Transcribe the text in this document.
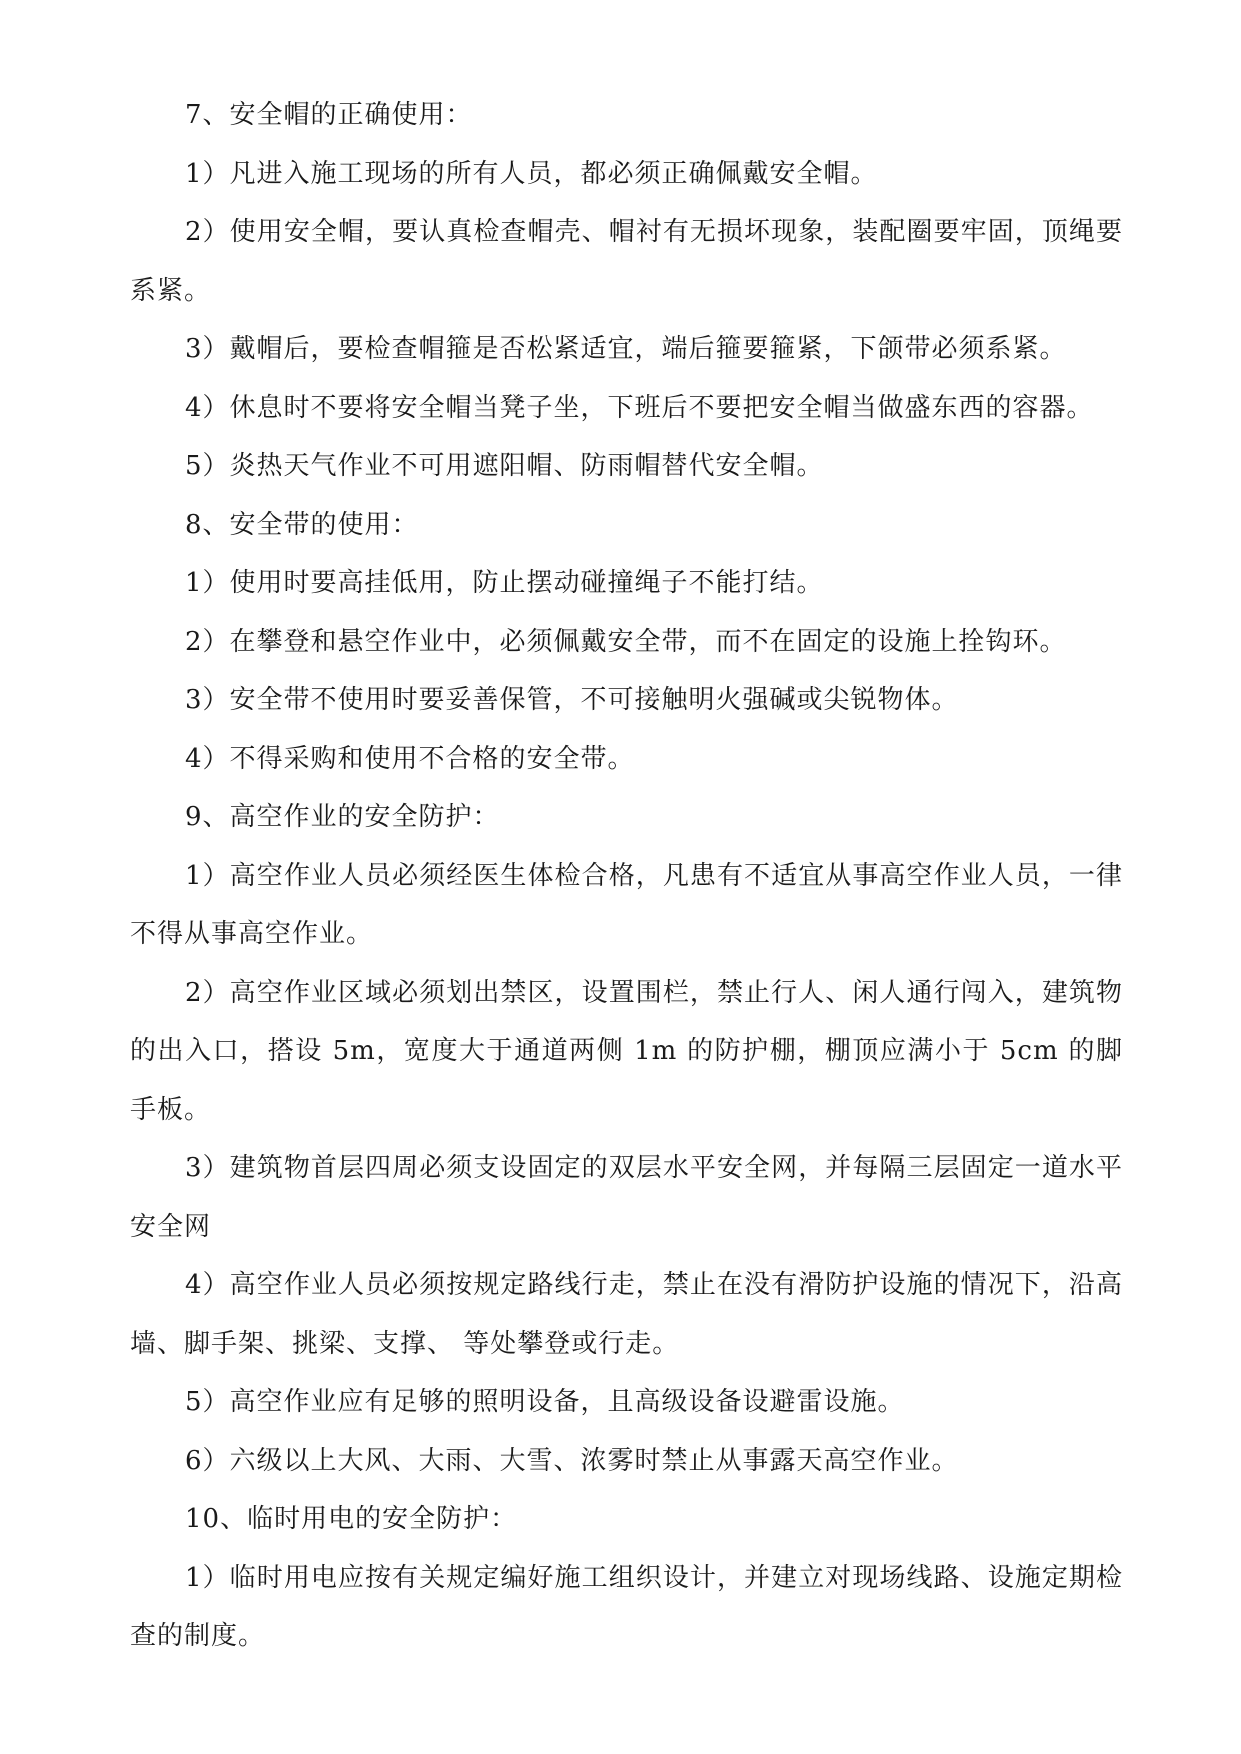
7、安全帽的正确使用：

1）凡进入施工现场的所有人员，都必须正确佩戴安全帽。

2）使用安全帽，要认真检查帽壳、帽衬有无损坏现象，装配圈要牢固，顶绳要系紧。

3）戴帽后，要检查帽箍是否松紧适宜，端后箍要箍紧，下颌带必须系紧。

4）休息时不要将安全帽当凳子坐，下班后不要把安全帽当做盛东西的容器。

5）炎热天气作业不可用遮阳帽、防雨帽替代安全帽。

8、安全带的使用：

1）使用时要高挂低用，防止摆动碰撞绳子不能打结。

2）在攀登和悬空作业中，必须佩戴安全带，而不在固定的设施上拴钩环。

3）安全带不使用时要妥善保管，不可接触明火强碱或尖锐物体。

4）不得采购和使用不合格的安全带。

9、高空作业的安全防护：

1）高空作业人员必须经医生体检合格，凡患有不适宜从事高空作业人员，一律不得从事高空作业。

2）高空作业区域必须划出禁区，设置围栏，禁止行人、闲人通行闯入，建筑物的出入口，搭设 5m，宽度大于通道两侧 1m 的防护棚，棚顶应满小于 5cm 的脚手板。

3）建筑物首层四周必须支设固定的双层水平安全网，并每隔三层固定一道水平安全网

4）高空作业人员必须按规定路线行走，禁止在没有滑防护设施的情况下，沿高墙、脚手架、挑梁、支撑、 等处攀登或行走。

5）高空作业应有足够的照明设备，且高级设备设避雷设施。

6）六级以上大风、大雨、大雪、浓雾时禁止从事露天高空作业。

10、临时用电的安全防护：

1）临时用电应按有关规定编好施工组织设计，并建立对现场线路、设施定期检查的制度。
